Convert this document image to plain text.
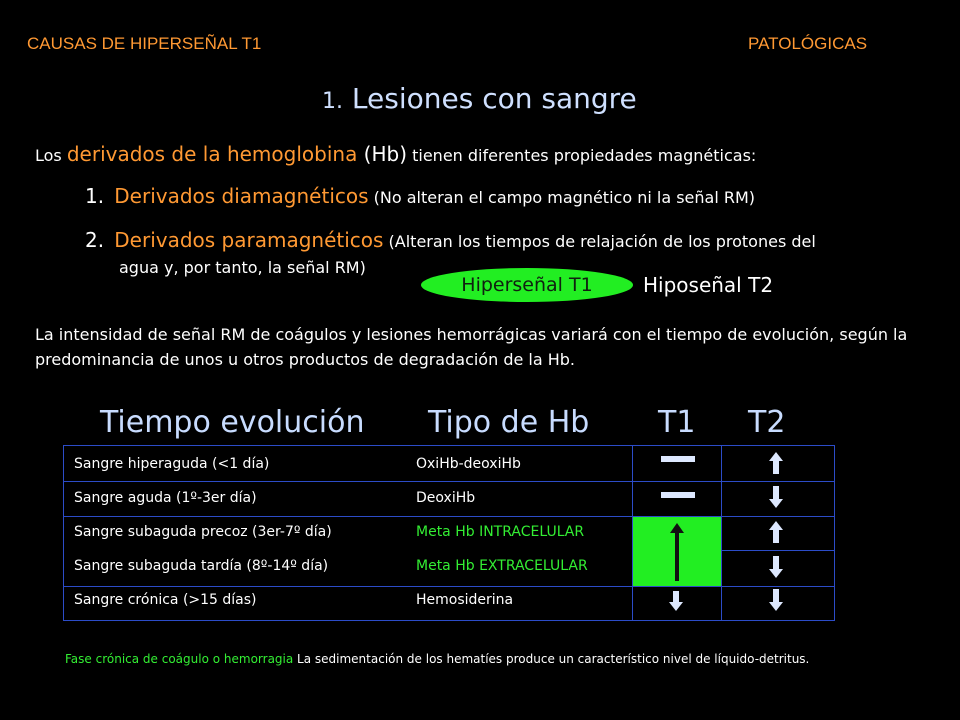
CAUSAS DE HIPERSEÑAL T1	PATOLÓGICAS
1. Lesiones con sangre
Los derivados de la hemoglobina (Hb) tienen diferentes propiedades magnéticas:
1. Derivados diamagnéticos (No alteran el campo magnético ni la señal RM)
2. Derivados paramagnéticos (Alteran los tiempos de relajación de los protones del
agua y, por tanto, la señal RM)
Hiperseñal T1	Hiposeñal T2
La intensidad de señal RM de coágulos y lesiones hemorrágicas variará con el tiempo de evolución, según la predominancia de unos u otros productos de degradación de la Hb.
Tiempo evolución Tipo de Hb T1 T2
Sangre hiperaguda (<1 día)	OxiHb-deoxiHb
Sangre aguda (1º-3er día)	DeoxiHb
Sangre subaguda precoz (3er-7º día)	Meta Hb INTRACELULAR
Sangre subaguda tardía (8º-14º día)	Meta Hb EXTRACELULAR
Sangre crónica (>15 días)	Hemosiderina
Fase crónica de coágulo o hemorragia La sedimentación de los hematíes produce un característico nivel de líquido-detritus.
